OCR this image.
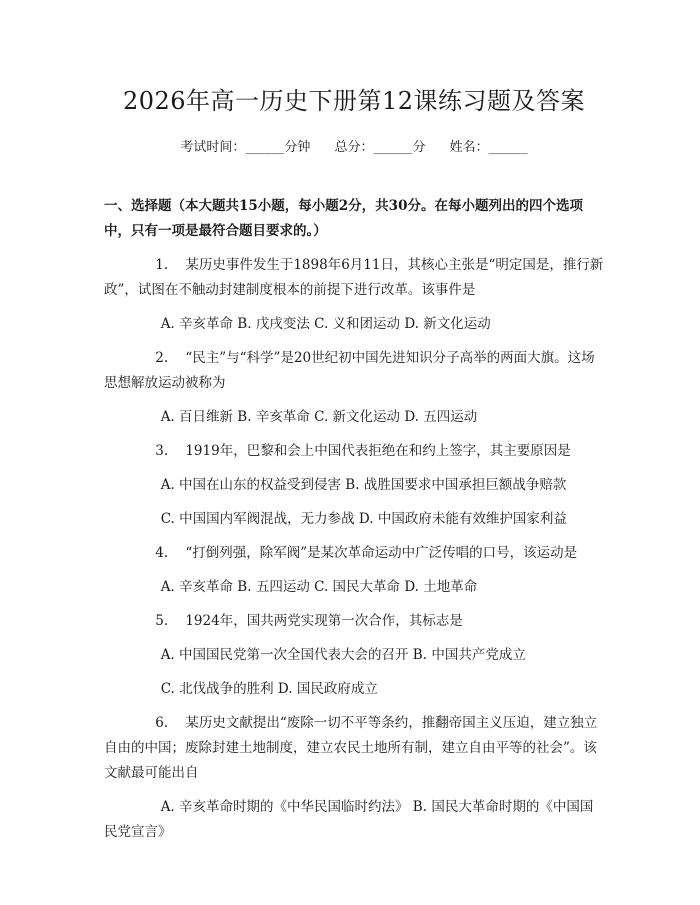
2026年高一历史下册第12课练习题及答案
考试时间：______分钟 总分：______分 姓名：______
一、选择题（本大题共15小题，每小题2分，共30分。在每小题列出的四个选项中，只有一项是最符合题目要求的。）

1. 某历史事件发生于1898年6月11日，其核心主张是“明定国是，推行新政”，试图在不触动封建制度根本的前提下进行改革。该事件是

A. 辛亥革命 B. 戊戌变法 C. 义和团运动 D. 新文化运动

2. “民主”与“科学”是20世纪初中国先进知识分子高举的两面大旗。这场思想解放运动被称为

A. 百日维新 B. 辛亥革命 C. 新文化运动 D. 五四运动

3. 1919年，巴黎和会上中国代表拒绝在和约上签字，其主要原因是

A. 中国在山东的权益受到侵害 B. 战胜国要求中国承担巨额战争赔款

C. 中国国内军阀混战，无力参战 D. 中国政府未能有效维护国家利益

4. “打倒列强，除军阀”是某次革命运动中广泛传唱的口号，该运动是

A. 辛亥革命 B. 五四运动 C. 国民大革命 D. 土地革命

5. 1924年，国共两党实现第一次合作，其标志是

A. 中国国民党第一次全国代表大会的召开 B. 中国共产党成立

C. 北伐战争的胜利 D. 国民政府成立

6. 某历史文献提出“废除一切不平等条约，推翻帝国主义压迫，建立独立自由的中国；废除封建土地制度，建立农民土地所有制，建立自由平等的社会”。该文献最可能出自

A. 辛亥革命时期的《中华民国临时约法》 B. 国民大革命时期的《中国国民党宣言》
